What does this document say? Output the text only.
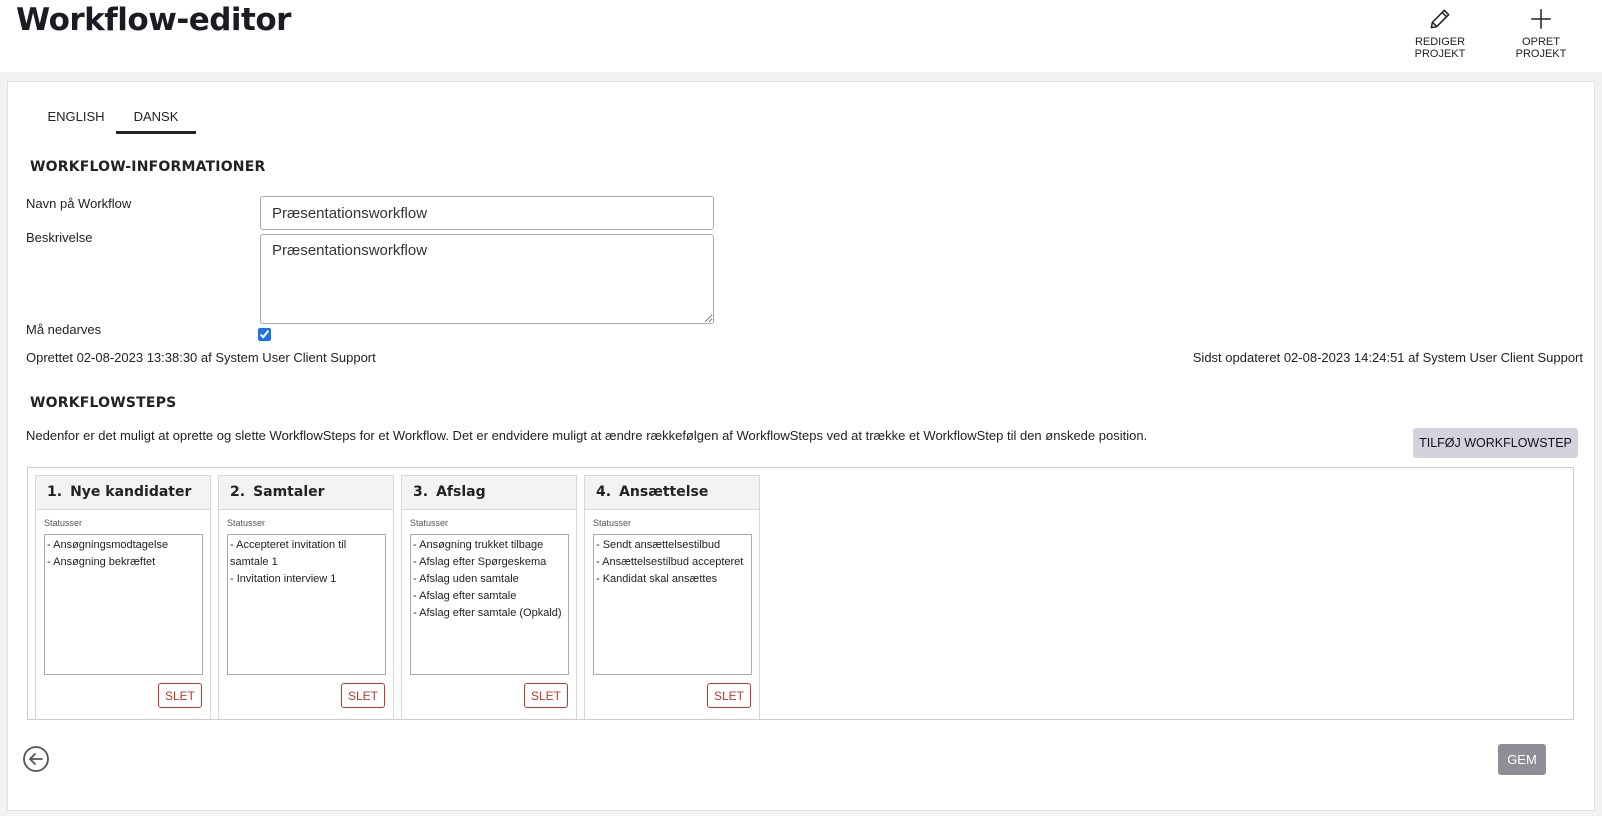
Workflow-editor
REDIGER PROJEKT
OPRET PROJEKT
ENGLISH	DANSK
WORKFLOW-INFORMATIONER
Navn på Workflow
Præsentationsworkflow
Beskrivelse
Præsentationsworkflow
Må nedarves
Oprettet 02-08-2023 13:38:30 af System User Client Support	Sidst opdateret 02-08-2023 14:24:51 af System User Client Support
WORKFLOWSTEPS
Nedenfor er det muligt at oprette og slette WorkflowSteps for et Workflow. Det er endvidere muligt at ændre rækkefølgen af WorkflowSteps ved at trække et WorkflowStep til den ønskede position.	TILFØJ WORKFLOWSTEP
1. Nye kandidater
Statusser
- Ansøgningsmodtagelse
- Ansøgning bekræftet
SLET
2. Samtaler
Statusser
- Accepteret invitation til samtale 1
- Invitation interview 1
SLET
3. Afslag
Statusser
- Ansøgning trukket tilbage
- Afslag efter Spørgeskema
- Afslag uden samtale
- Afslag efter samtale
- Afslag efter samtale (Opkald)
SLET
4. Ansættelse
Statusser
- Sendt ansættelsestilbud
- Ansættelsestilbud accepteret
- Kandidat skal ansættes
SLET
GEM
